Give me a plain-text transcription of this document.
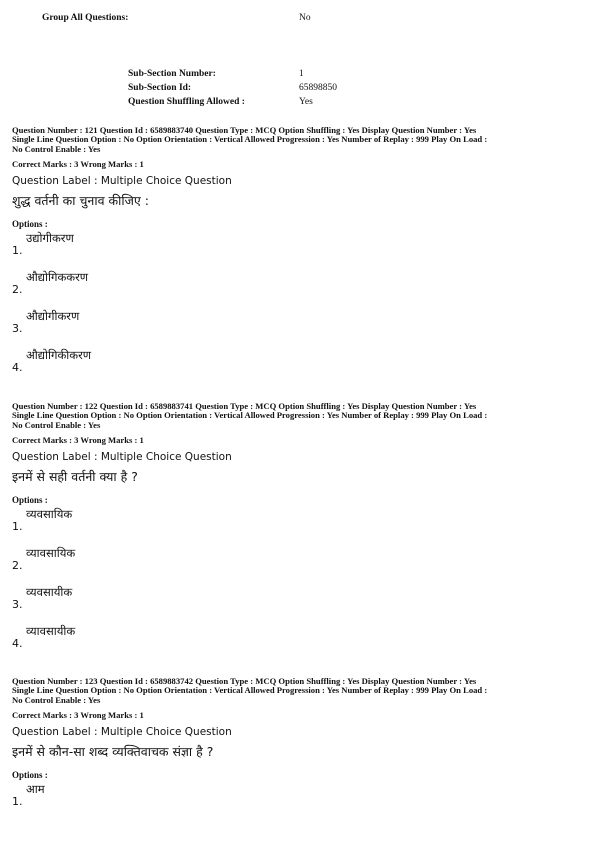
Group All Questions:	No
Sub-Section Number:	1
Sub-Section Id:	65898850
Question Shuffling Allowed :	Yes
Question Number : 121 Question Id : 6589883740 Question Type : MCQ Option Shuffling : Yes Display Question Number : Yes
Single Line Question Option : No Option Orientation : Vertical Allowed Progression : Yes Number of Replay : 999 Play On Load :
No Control Enable : Yes
Correct Marks : 3 Wrong Marks : 1
Question Label : Multiple Choice Question
शुद्ध वर्तनी का चुनाव कीजिए :
Options :
1.
उद्योगीकरण
2.
औद्योगिककरण
3.
औद्योगीकरण
4.
औद्योगिकीकरण
Question Number : 122 Question Id : 6589883741 Question Type : MCQ Option Shuffling : Yes Display Question Number : Yes
Single Line Question Option : No Option Orientation : Vertical Allowed Progression : Yes Number of Replay : 999 Play On Load :
No Control Enable : Yes
Correct Marks : 3 Wrong Marks : 1
Question Label : Multiple Choice Question
इनमें से सही वर्तनी क्या है ?
Options :
1.
व्यवसायिक
2.
व्यावसायिक
3.
व्यवसायीक
4.
व्यावसायीक
Question Number : 123 Question Id : 6589883742 Question Type : MCQ Option Shuffling : Yes Display Question Number : Yes
Single Line Question Option : No Option Orientation : Vertical Allowed Progression : Yes Number of Replay : 999 Play On Load :
No Control Enable : Yes
Correct Marks : 3 Wrong Marks : 1
Question Label : Multiple Choice Question
इनमें से कौन-सा शब्द व्यक्तिवाचक संज्ञा है ?
Options :
1.
आम
